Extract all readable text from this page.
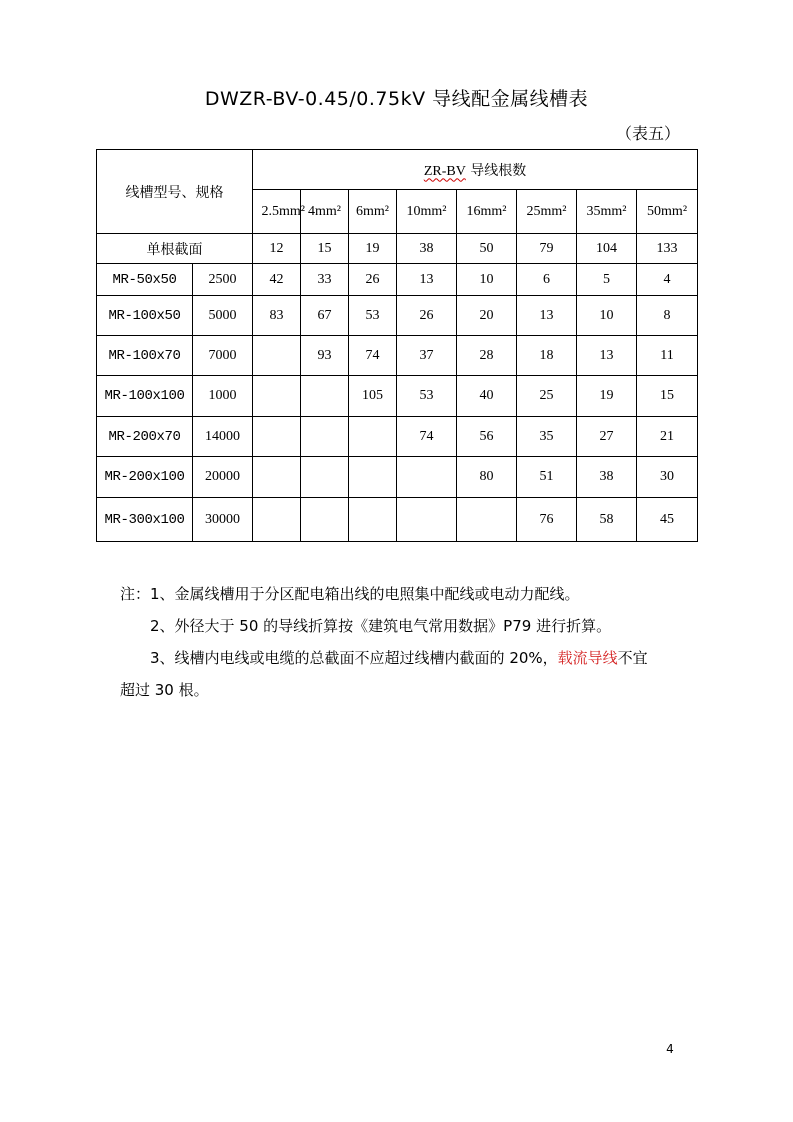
DWZR-BV-0.45/0.75kV 导线配金属线槽表
（表五）
线槽型号、规格		ZR-BV 导线根数							
		2.5mm²	4mm²	6mm²	10mm²	16mm²	25mm²	35mm²	50mm²
单根截面		12	15	19	38	50	79	104	133
MR-50x50	2500	42	33	26	13	10	6	5	4
MR-100x50	5000	83	67	53	26	20	13	10	8
MR-100x70	7000		93	74	37	28	18	13	11
MR-100x100	1000			105	53	40	25	19	15
MR-200x70	14000				74	56	35	27	21
MR-200x100	20000					80	51	38	30
MR-300x100	30000						76	58	45

注：1、金属线槽用于分区配电箱出线的电照集中配线或电动力配线。

2、外径大于 50 的导线折算按《建筑电气常用数据》P79 进行折算。

3、线槽内电线或电缆的总截面不应超过线槽内截面的 20%，载流导线不宜

超过 30 根。

4
